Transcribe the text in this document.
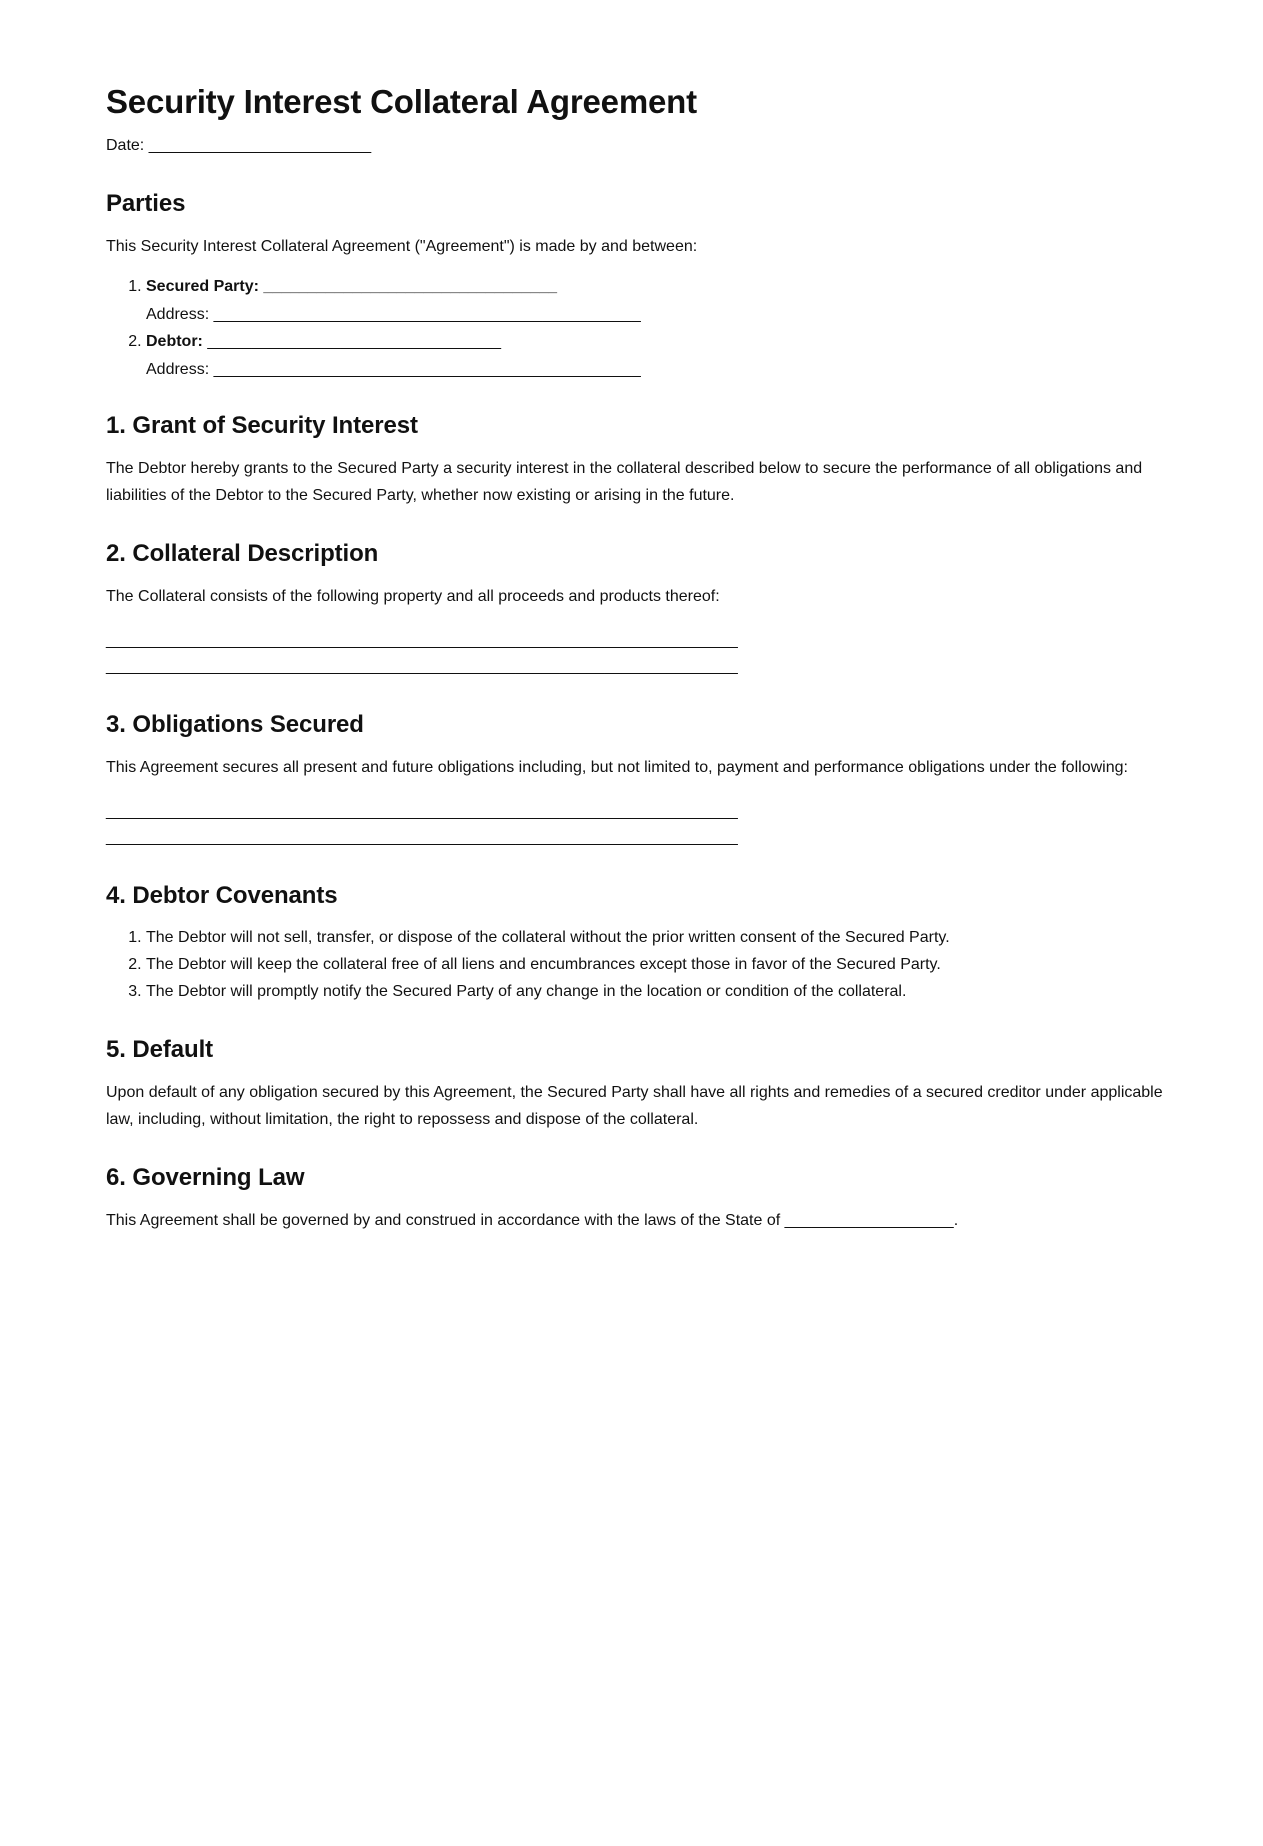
Security Interest Collateral Agreement
Date: _________________________
Parties

This Security Interest Collateral Agreement ("Agreement") is made by and between:

1. Secured Party: _________________________________
Address: ________________________________________________
2. Debtor: _________________________________
Address: ________________________________________________
1. Grant of Security Interest

The Debtor hereby grants to the Secured Party a security interest in the collateral described below to secure the performance of all obligations and liabilities of the Debtor to the Secured Party, whether now existing or arising in the future.

2. Collateral Description

The Collateral consists of the following property and all proceeds and products thereof:

_______________________________________________________________________
_______________________________________________________________________
3. Obligations Secured

This Agreement secures all present and future obligations including, but not limited to, payment and performance obligations under the following:

_______________________________________________________________________
_______________________________________________________________________
4. Debtor Covenants
1. The Debtor will not sell, transfer, or dispose of the collateral without the prior written consent of the Secured Party.
2. The Debtor will keep the collateral free of all liens and encumbrances except those in favor of the Secured Party.
3. The Debtor will promptly notify the Secured Party of any change in the location or condition of the collateral.
5. Default

Upon default of any obligation secured by this Agreement, the Secured Party shall have all rights and remedies of a secured creditor under applicable law, including, without limitation, the right to repossess and dispose of the collateral.

6. Governing Law

This Agreement shall be governed by and construed in accordance with the laws of the State of ___________________.
